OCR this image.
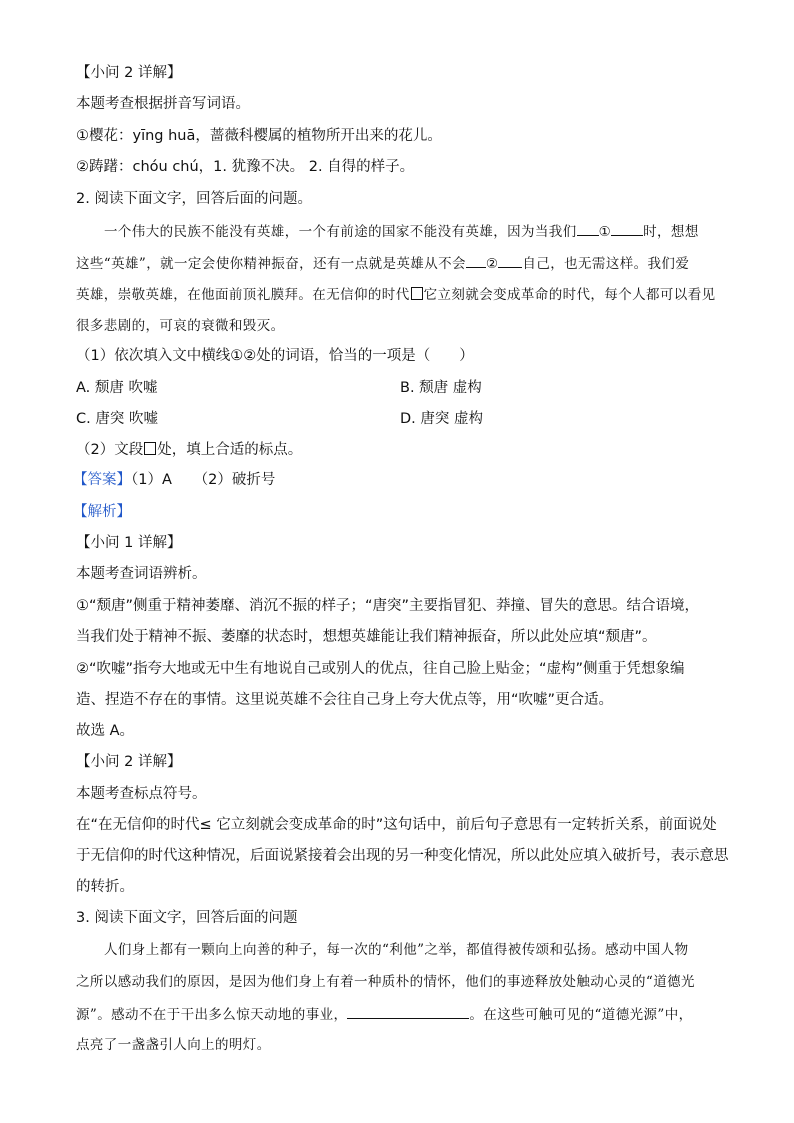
【小问 2 详解】
本题考查根据拼音写词语。
①樱花：yīng huā，蔷薇科樱属的植物所开出来的花儿。
②踌躇：chóu chú，1. 犹豫不决。 2. 自得的样子。
2. 阅读下面文字，回答后面的问题。
一个伟大的民族不能没有英雄，一个有前途的国家不能没有英雄，因为当我们 ① 时，想想
这些“英雄”，就一定会使你精神振奋，还有一点就是英雄从不会 ② 自己，也无需这样。我们爱
英雄，崇敬英雄，在他面前顶礼膜拜。在无信仰的时代 它立刻就会变成革命的时代，每个人都可以看见
很多悲剧的，可哀的衰微和毁灭。
（1）依次填入文中横线①②处的词语，恰当的一项是（　　）
A. 颓唐 吹嘘	B. 颓唐 虚构
C. 唐突 吹嘘	D. 唐突 虚构
（2）文段 处，填上合适的标点。
【答案】（1）A　　（2）破折号
【解析】
【小问 1 详解】
本题考查词语辨析。
①“颓唐”侧重于精神萎靡、消沉不振的样子；“唐突”主要指冒犯、莽撞、冒失的意思。结合语境，
当我们处于精神不振、萎靡的状态时，想想英雄能让我们精神振奋，所以此处应填“颓唐”。
②“吹嘘”指夸大地或无中生有地说自己或别人的优点，往自己脸上贴金；“虚构”侧重于凭想象编
造、捏造不存在的事情。这里说英雄不会往自己身上夸大优点等，用“吹嘘”更合适。
故选 A。
【小问 2 详解】
本题考查标点符号。
在“在无信仰的时代≤ 它立刻就会变成革命的时”这句话中，前后句子意思有一定转折关系，前面说处
于无信仰的时代这种情况，后面说紧接着会出现的另一种变化情况，所以此处应填入破折号，表示意思
的转折。
3. 阅读下面文字，回答后面的问题
人们身上都有一颗向上向善的种子，每一次的“利他”之举，都值得被传颂和弘扬。感动中国人物
之所以感动我们的原因，是因为他们身上有着一种质朴的情怀，他们的事迹释放处触动心灵的“道德光
源”。感动不在于干出多么惊天动地的事业，	。在这些可触可见的“道德光源”中，
点亮了一盏盏引人向上的明灯。
